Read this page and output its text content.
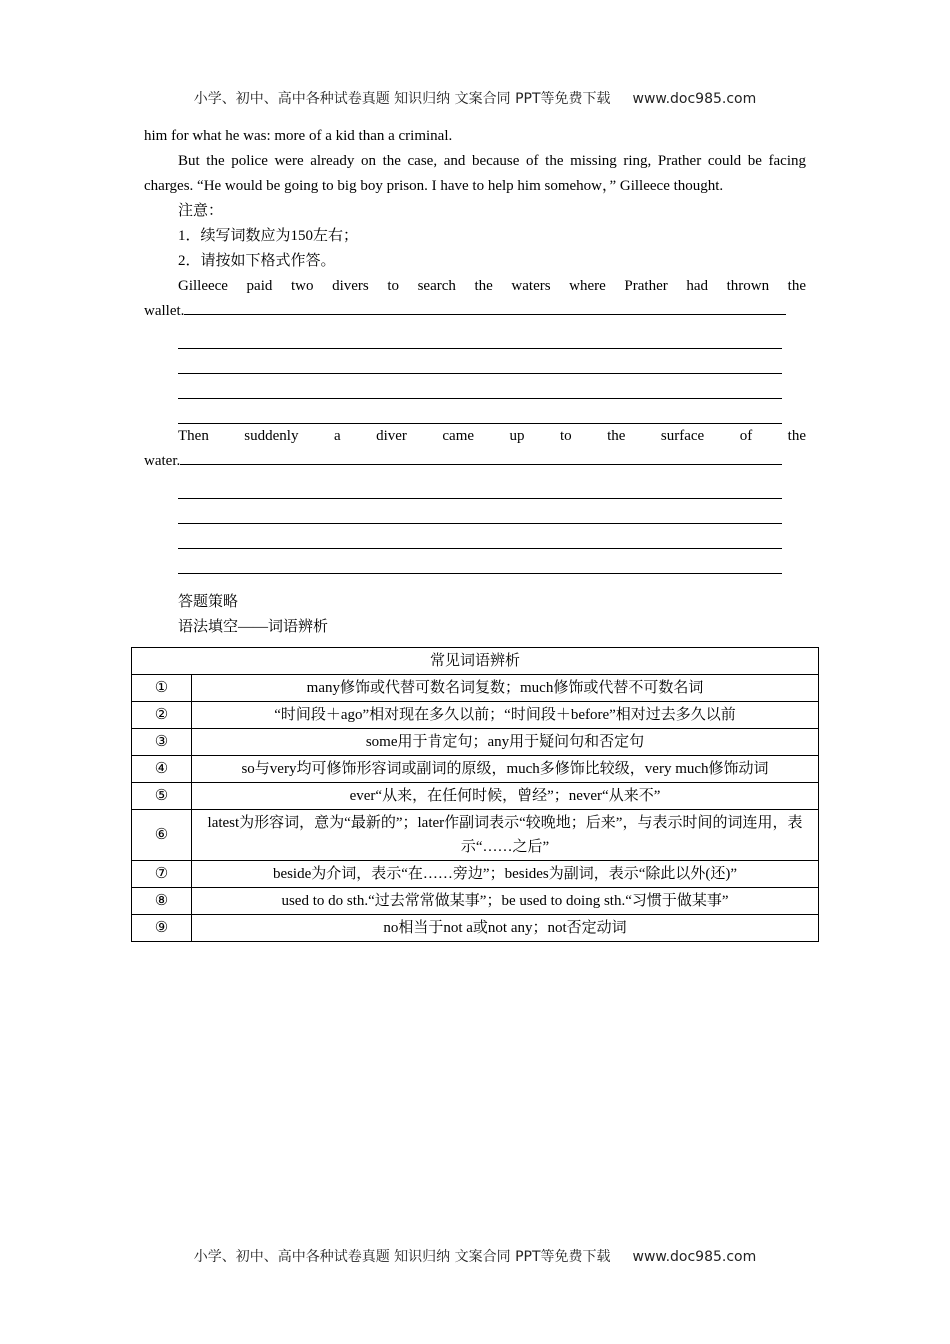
小学、初中、高中各种试卷真题 知识归纳 文案合同 PPT等免费下载 www.doc985.com

him for what he was: more of a kid than a criminal.

But the police were already on the case, and because of the missing ring, Prather could be facing charges. “He would be going to big boy prison. I have to help him somehow，” Gilleece thought.

注意：

1．续写词数应为150左右；

2．请按如下格式作答。

Gilleece paid two divers to search the waters where Prather had thrown the

wallet.

Then suddenly a diver came up to the surface of the

water.

答题策略

语法填空——词语辨析

常见词语辨析	
①	many修饰或代替可数名词复数；much修饰或代替不可数名词
②	“时间段＋ago”相对现在多久以前；“时间段＋before”相对过去多久以前
③	some用于肯定句；any用于疑问句和否定句
④	so与very均可修饰形容词或副词的原级，much多修饰比较级，very much修饰动词
⑤	ever“从来，在任何时候，曾经”；never“从来不”
⑥	latest为形容词，意为“最新的”；later作副词表示“较晚地；后来”，与表示时间的词连用，表示“……之后”
⑦	beside为介词，表示“在……旁边”；besides为副词，表示“除此以外(还)”
⑧	used to do sth.“过去常常做某事”；be used to doing sth.“习惯于做某事”
⑨	no相当于not a或not any；not否定动词
小学、初中、高中各种试卷真题 知识归纳 文案合同 PPT等免费下载 www.doc985.com
